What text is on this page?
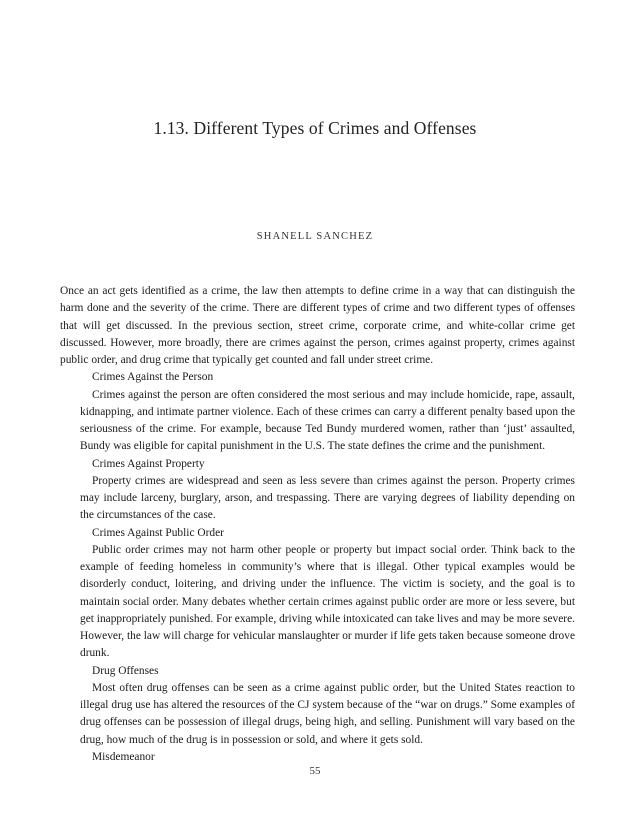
1.13. Different Types of Crimes and Offenses
SHANELL SANCHEZ

Once an act gets identified as a crime, the law then attempts to define crime in a way that can distinguish the harm done and the severity of the crime. There are different types of crime and two different types of offenses that will get discussed. In the previous section, street crime, corporate crime, and white-collar crime get discussed. However, more broadly, there are crimes against the person, crimes against property, crimes against public order, and drug crime that typically get counted and fall under street crime.

Crimes Against the Person

Crimes against the person are often considered the most serious and may include homicide, rape, assault, kidnapping, and intimate partner violence. Each of these crimes can carry a different penalty based upon the seriousness of the crime. For example, because Ted Bundy murdered women, rather than ‘just’ assaulted, Bundy was eligible for capital punishment in the U.S. The state defines the crime and the punishment.

Crimes Against Property

Property crimes are widespread and seen as less severe than crimes against the person. Property crimes may include larceny, burglary, arson, and trespassing. There are varying degrees of liability depending on the circumstances of the case.

Crimes Against Public Order

Public order crimes may not harm other people or property but impact social order. Think back to the example of feeding homeless in community’s where that is illegal. Other typical examples would be disorderly conduct, loitering, and driving under the influence. The victim is society, and the goal is to maintain social order. Many debates whether certain crimes against public order are more or less severe, but get inappropriately punished. For example, driving while intoxicated can take lives and may be more severe. However, the law will charge for vehicular manslaughter or murder if life gets taken because someone drove drunk.

Drug Offenses

Most often drug offenses can be seen as a crime against public order, but the United States reaction to illegal drug use has altered the resources of the CJ system because of the “war on drugs.” Some examples of drug offenses can be possession of illegal drugs, being high, and selling. Punishment will vary based on the drug, how much of the drug is in possession or sold, and where it gets sold.

Misdemeanor

55
